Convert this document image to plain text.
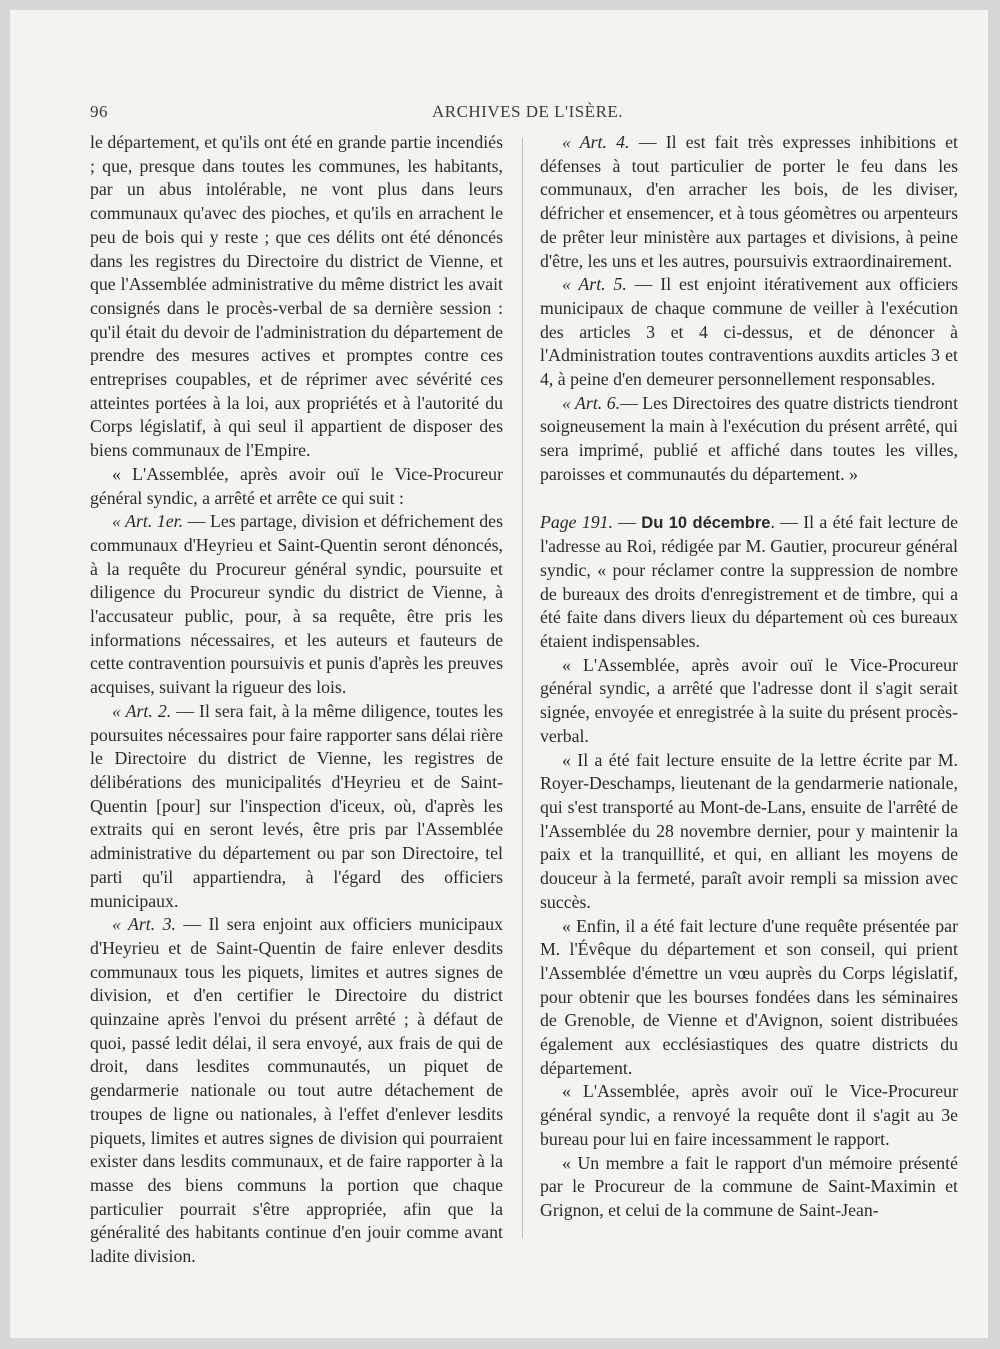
96	ARCHIVES DE L'ISÈRE.

le département, et qu'ils ont été en grande partie incendiés ; que, presque dans toutes les communes, les habitants, par un abus intolérable, ne vont plus dans leurs communaux qu'avec des pioches, et qu'ils en arrachent le peu de bois qui y reste ; que ces délits ont été dénoncés dans les registres du Directoire du district de Vienne, et que l'Assemblée administrative du même district les avait consignés dans le procès-verbal de sa dernière session : qu'il était du devoir de l'administration du département de prendre des mesures actives et promptes contre ces entreprises coupables, et de réprimer avec sévérité ces atteintes portées à la loi, aux propriétés et à l'autorité du Corps législatif, à qui seul il appartient de disposer des biens communaux de l'Empire.

« L'Assemblée, après avoir ouï le Vice-Procureur général syndic, a arrêté et arrête ce qui suit :

« Art. 1er. — Les partage, division et défrichement des communaux d'Heyrieu et Saint-Quentin seront dénoncés, à la requête du Procureur général syndic, poursuite et diligence du Procureur syndic du district de Vienne, à l'accusateur public, pour, à sa requête, être pris les informations nécessaires, et les auteurs et fauteurs de cette contravention poursuivis et punis d'après les preuves acquises, suivant la rigueur des lois.

« Art. 2. — Il sera fait, à la même diligence, toutes les poursuites nécessaires pour faire rapporter sans délai rière le Directoire du district de Vienne, les registres de délibérations des municipalités d'Heyrieu et de Saint-Quentin [pour] sur l'inspection d'iceux, où, d'après les extraits qui en seront levés, être pris par l'Assemblée administrative du département ou par son Directoire, tel parti qu'il appartiendra, à l'égard des officiers municipaux.

« Art. 3. — Il sera enjoint aux officiers municipaux d'Heyrieu et de Saint-Quentin de faire enlever desdits communaux tous les piquets, limites et autres signes de division, et d'en certifier le Directoire du district quinzaine après l'envoi du présent arrêté ; à défaut de quoi, passé ledit délai, il sera envoyé, aux frais de qui de droit, dans lesdites communautés, un piquet de gendarmerie nationale ou tout autre détachement de troupes de ligne ou nationales, à l'effet d'enlever lesdits piquets, limites et autres signes de division qui pourraient exister dans lesdits communaux, et de faire rapporter à la masse des biens communs la portion que chaque particulier pourrait s'être appropriée, afin que la généralité des habitants continue d'en jouir comme avant ladite division.

« Art. 4. — Il est fait très expresses inhibitions et défenses à tout particulier de porter le feu dans les communaux, d'en arracher les bois, de les diviser, défricher et ensemencer, et à tous géomètres ou arpenteurs de prêter leur ministère aux partages et divisions, à peine d'être, les uns et les autres, poursuivis extraordinairement.

« Art. 5. — Il est enjoint itérativement aux officiers municipaux de chaque commune de veiller à l'exécution des articles 3 et 4 ci-dessus, et de dénoncer à l'Administration toutes contraventions auxdits articles 3 et 4, à peine d'en demeurer personnellement responsables.

« Art. 6.— Les Directoires des quatre districts tiendront soigneusement la main à l'exécution du présent arrêté, qui sera imprimé, publié et affiché dans toutes les villes, paroisses et communautés du département. »

Page 191. — Du 10 décembre. — Il a été fait lecture de l'adresse au Roi, rédigée par M. Gautier, procureur général syndic, « pour réclamer contre la suppression de nombre de bureaux des droits d'enregistrement et de timbre, qui a été faite dans divers lieux du département où ces bureaux étaient indispensables.

« L'Assemblée, après avoir ouï le Vice-Procureur général syndic, a arrêté que l'adresse dont il s'agit serait signée, envoyée et enregistrée à la suite du présent procès-verbal.

« Il a été fait lecture ensuite de la lettre écrite par M. Royer-Deschamps, lieutenant de la gendarmerie nationale, qui s'est transporté au Mont-de-Lans, ensuite de l'arrêté de l'Assemblée du 28 novembre dernier, pour y maintenir la paix et la tranquillité, et qui, en alliant les moyens de douceur à la fermeté, paraît avoir rempli sa mission avec succès.

« Enfin, il a été fait lecture d'une requête présentée par M. l'Évêque du département et son conseil, qui prient l'Assemblée d'émettre un vœu auprès du Corps législatif, pour obtenir que les bourses fondées dans les séminaires de Grenoble, de Vienne et d'Avignon, soient distribuées également aux ecclésiastiques des quatre districts du département.

« L'Assemblée, après avoir ouï le Vice-Procureur général syndic, a renvoyé la requête dont il s'agit au 3e bureau pour lui en faire incessamment le rapport.

« Un membre a fait le rapport d'un mémoire présenté par le Procureur de la commune de Saint-Maximin et Grignon, et celui de la commune de Saint-Jean-
